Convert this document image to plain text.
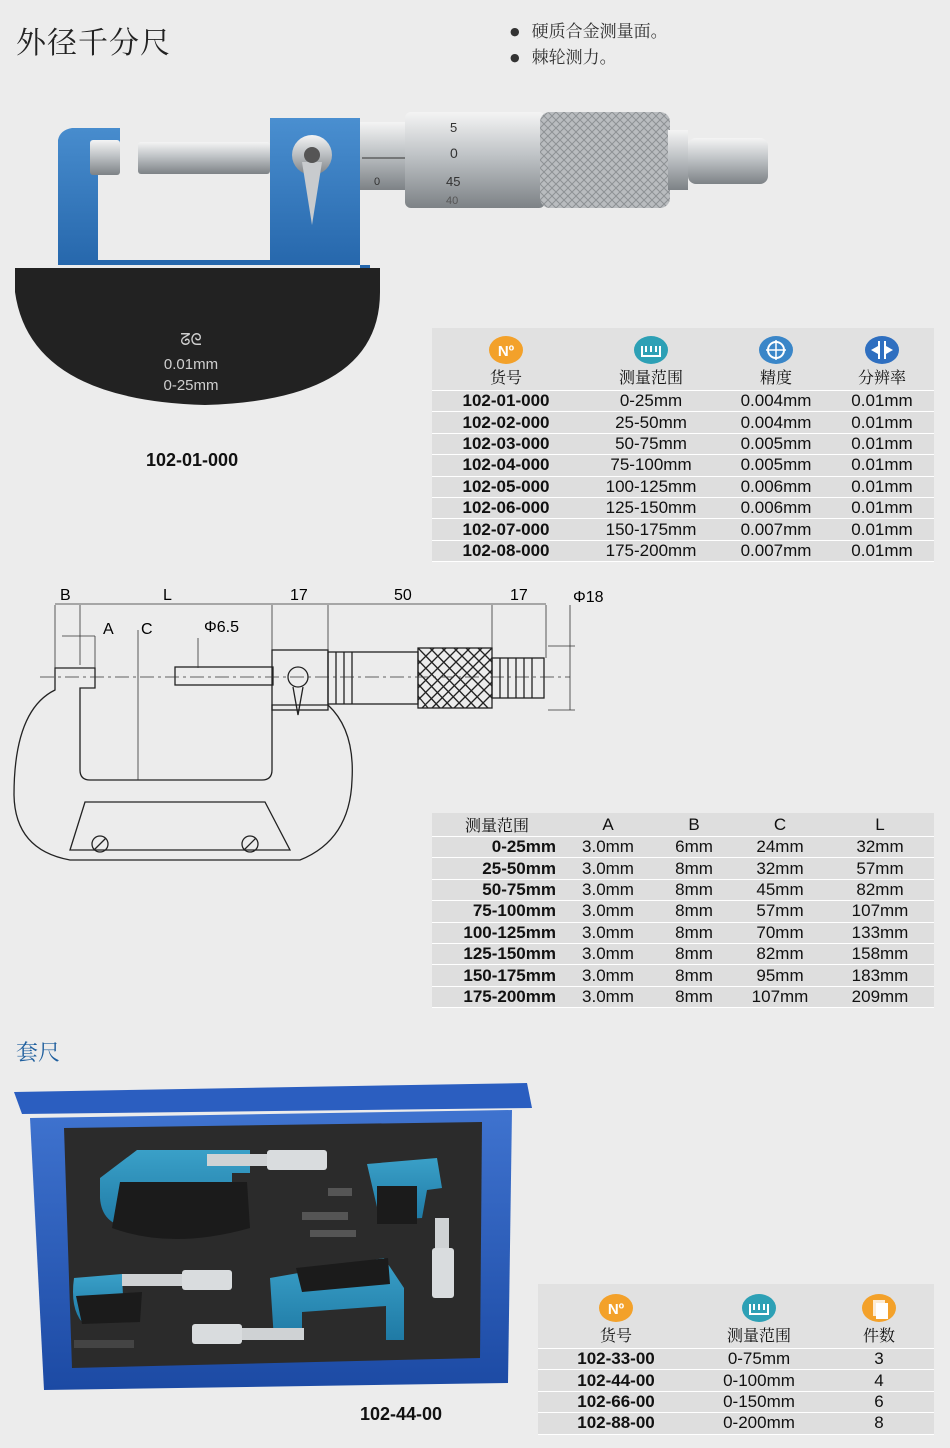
外径千分尺	● 硬质合金测量面。
● 棘轮测力。
0
5
0
45
40
ᘔᘓ
0.01mm
0-25mm
102-01-000
Nº
货号	测量范围	精度	分辨率

102-01-000	0-25mm	0.004mm	0.01mm
102-02-000	25-50mm	0.004mm	0.01mm
102-03-000	50-75mm	0.005mm	0.01mm
102-04-000	75-100mm	0.005mm	0.01mm
102-05-000	100-125mm	0.006mm	0.01mm
102-06-000	125-150mm	0.006mm	0.01mm
102-07-000	150-175mm	0.007mm	0.01mm
102-08-000	175-200mm	0.007mm	0.01mm
B	L	17	50	17	Φ18
A C	Φ6.5
测量范围	A	B	C	L
0-25mm	3.0mm	6mm	24mm	32mm
25-50mm	3.0mm	8mm	32mm	57mm
50-75mm	3.0mm	8mm	45mm	82mm
75-100mm	3.0mm	8mm	57mm	107mm
100-125mm	3.0mm	8mm	70mm	133mm
125-150mm	3.0mm	8mm	82mm	158mm
150-175mm	3.0mm	8mm	95mm	183mm
175-200mm	3.0mm	8mm	107mm	209mm
套尺
102-44-00
Nº
货号	测量范围	件数

102-33-00	0-75mm	3
102-44-00	0-100mm	4
102-66-00	0-150mm	6
102-88-00	0-200mm	8
